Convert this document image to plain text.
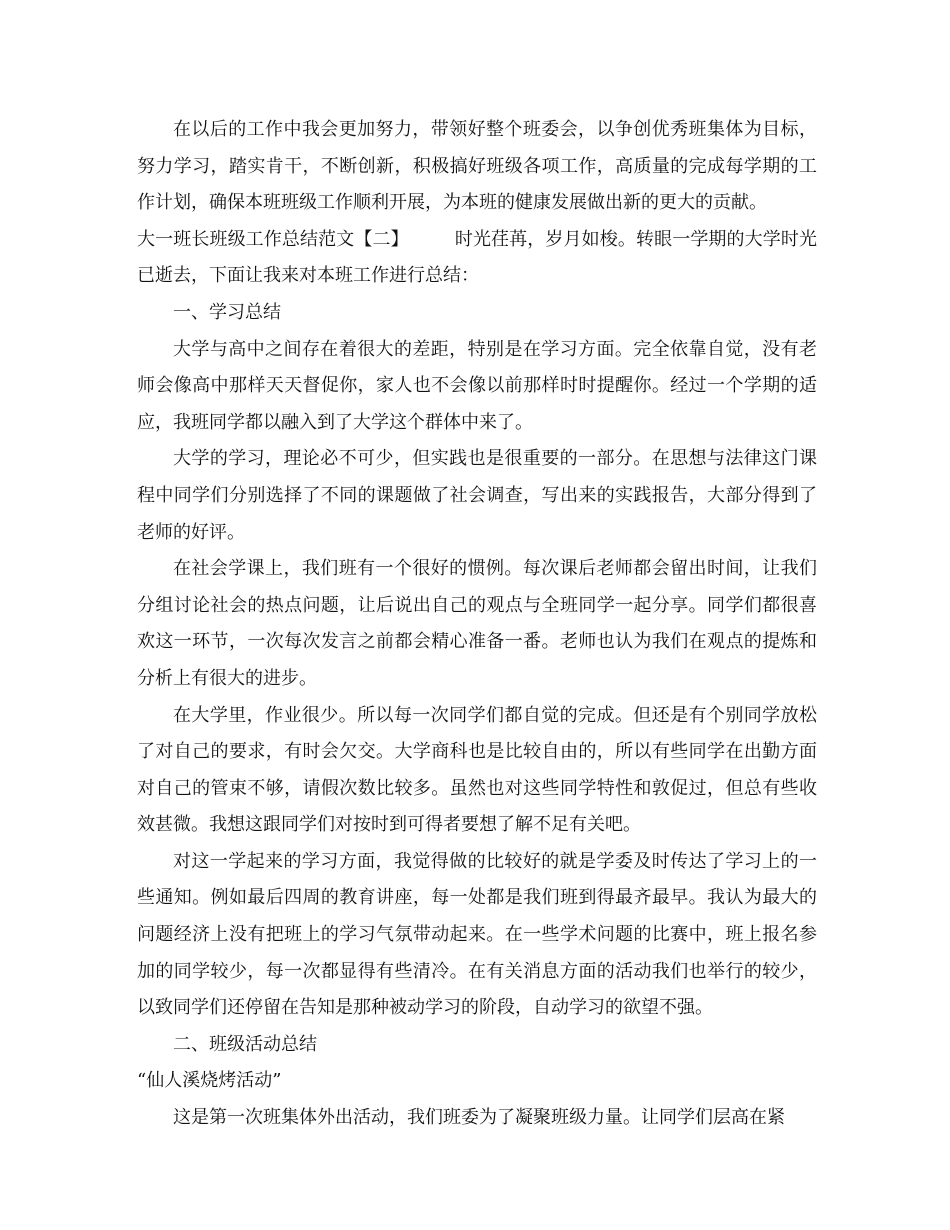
在以后的工作中我会更加努力，带领好整个班委会，以争创优秀班集体为目标，努力学习，踏实肯干，不断创新，积极搞好班级各项工作，高质量的完成每学期的工作计划，确保本班班级工作顺利开展，为本班的健康发展做出新的更大的贡献。

大一班长班级工作总结范文【二】	时光荏苒，岁月如梭。转眼一学期的大学时光已逝去，下面让我来对本班工作进行总结：

一、学习总结

大学与高中之间存在着很大的差距，特别是在学习方面。完全依靠自觉，没有老师会像高中那样天天督促你，家人也不会像以前那样时时提醒你。经过一个学期的适应，我班同学都以融入到了大学这个群体中来了。

大学的学习，理论必不可少，但实践也是很重要的一部分。在思想与法律这门课程中同学们分别选择了不同的课题做了社会调查，写出来的实践报告，大部分得到了老师的好评。

在社会学课上，我们班有一个很好的惯例。每次课后老师都会留出时间，让我们分组讨论社会的热点问题，让后说出自己的观点与全班同学一起分享。同学们都很喜欢这一环节，一次每次发言之前都会精心准备一番。老师也认为我们在观点的提炼和分析上有很大的进步。

在大学里，作业很少。所以每一次同学们都自觉的完成。但还是有个别同学放松了对自己的要求，有时会欠交。大学商科也是比较自由的，所以有些同学在出勤方面对自己的管束不够，请假次数比较多。虽然也对这些同学特性和敦促过，但总有些收效甚微。我想这跟同学们对按时到可得者要想了解不足有关吧。

对这一学起来的学习方面，我觉得做的比较好的就是学委及时传达了学习上的一些通知。例如最后四周的教育讲座，每一处都是我们班到得最齐最早。我认为最大的问题经济上没有把班上的学习气氛带动起来。在一些学术问题的比赛中，班上报名参加的同学较少，每一次都显得有些清冷。在有关消息方面的活动我们也举行的较少，以致同学们还停留在告知是那种被动学习的阶段，自动学习的欲望不强。

二、班级活动总结

“仙人溪烧烤活动”

这是第一次班集体外出活动，我们班委为了凝聚班级力量。让同学们层高在紧
